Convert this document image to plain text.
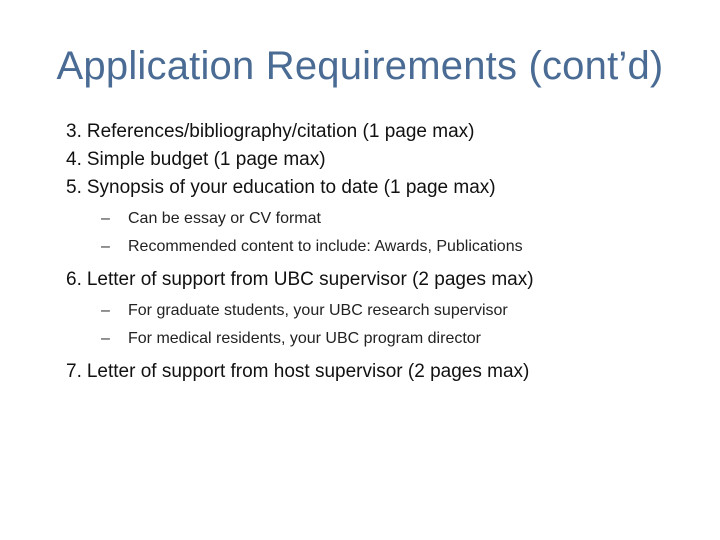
Application Requirements (cont’d)
3. References/bibliography/citation (1 page max)
4. Simple budget (1 page max)
5. Synopsis of your education to date (1 page max)
– Can be essay or CV format
– Recommended content to include: Awards, Publications
6. Letter of support from UBC supervisor (2 pages max)
– For graduate students, your UBC research supervisor
– For medical residents, your UBC program director
7. Letter of support from host supervisor (2 pages max)
